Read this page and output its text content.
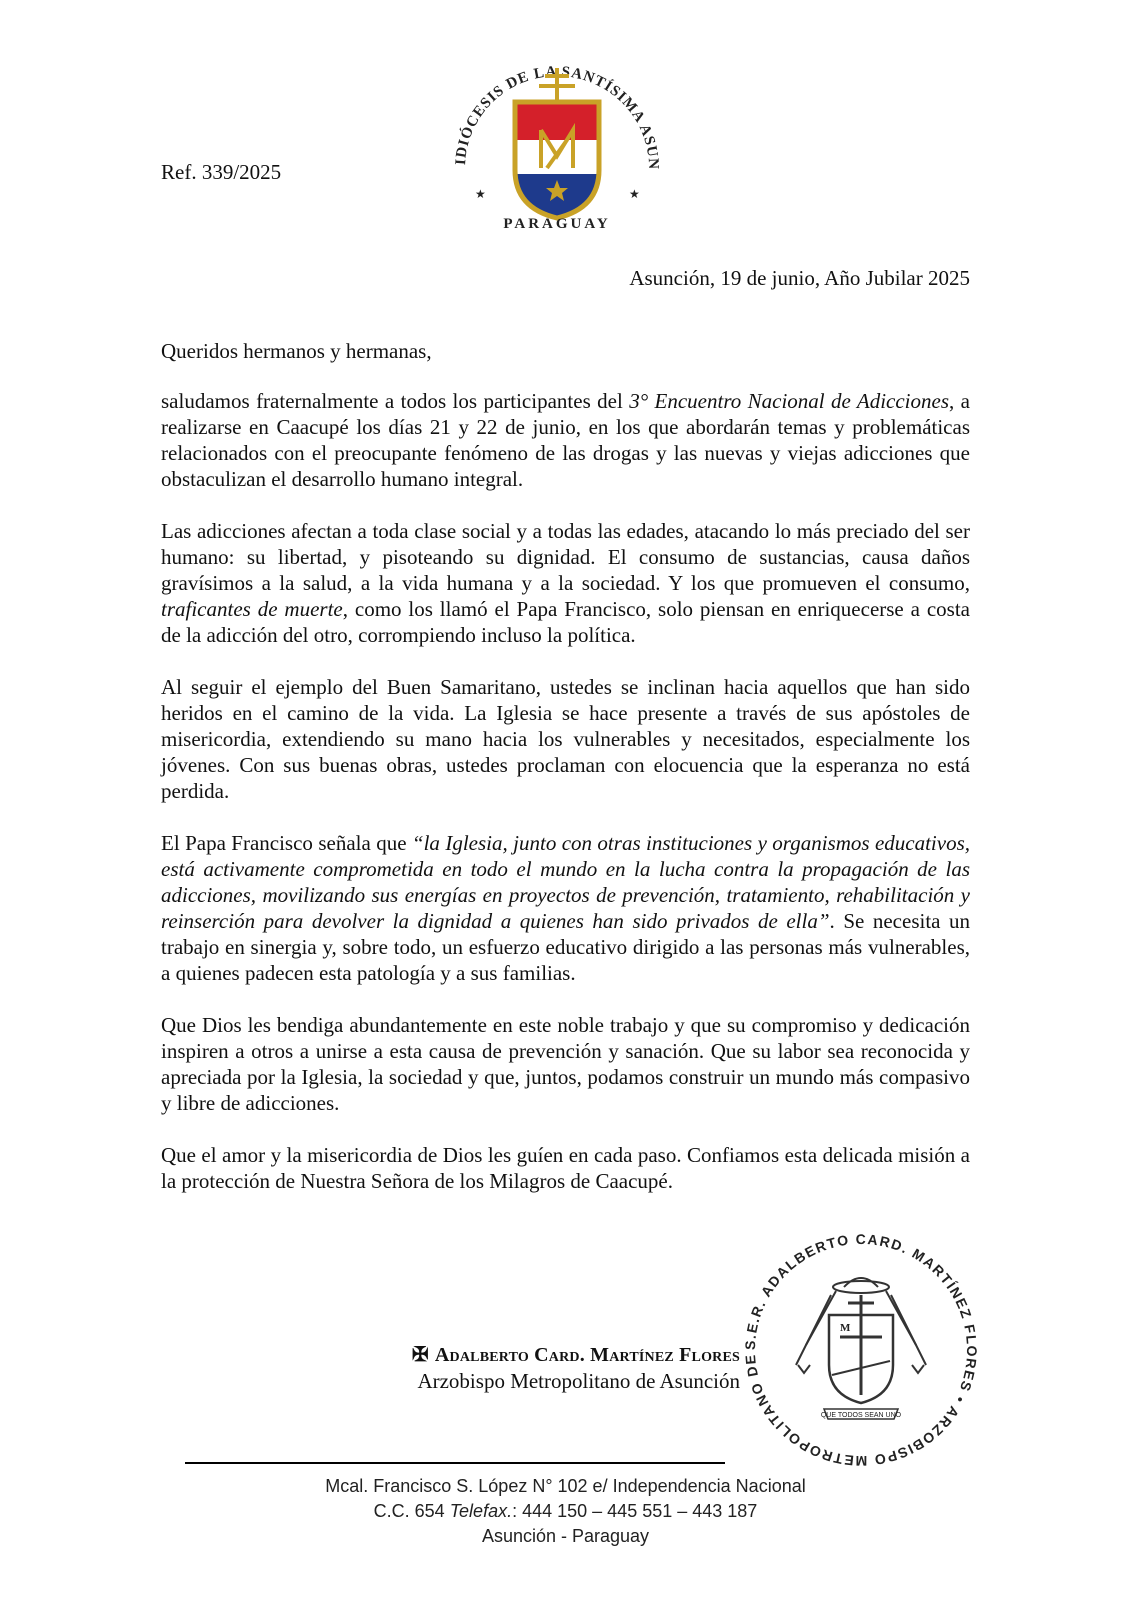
IDIÓCESIS DE LA SANTÍSIMA ASUN
★	★
PARAGUAY
Ref. 339/2025
Asunción, 19 de junio, Año Jubilar 2025

Queridos hermanos y hermanas,

saludamos fraternalmente a todos los participantes del 3° Encuentro Nacional de Adicciones, a realizarse en Caacupé los días 21 y 22 de junio, en los que abordarán temas y problemáticas relacionados con el preocupante fenómeno de las drogas y las nuevas y viejas adicciones que obstaculizan el desarrollo humano integral.

Las adicciones afectan a toda clase social y a todas las edades, atacando lo más preciado del ser humano: su libertad, y pisoteando su dignidad. El consumo de sustancias, causa daños gravísimos a la salud, a la vida humana y a la sociedad. Y los que promueven el consumo, traficantes de muerte, como los llamó el Papa Francisco, solo piensan en enriquecerse a costa de la adicción del otro, corrompiendo incluso la política.

Al seguir el ejemplo del Buen Samaritano, ustedes se inclinan hacia aquellos que han sido heridos en el camino de la vida. La Iglesia se hace presente a través de sus apóstoles de misericordia, extendiendo su mano hacia los vulnerables y necesitados, especialmente los jóvenes. Con sus buenas obras, ustedes proclaman con elocuencia que la esperanza no está perdida.

El Papa Francisco señala que “la Iglesia, junto con otras instituciones y organismos educativos, está activamente comprometida en todo el mundo en la lucha contra la propagación de las adicciones, movilizando sus energías en proyectos de prevención, tratamiento, rehabilitación y reinserción para devolver la dignidad a quienes han sido privados de ella”. Se necesita un trabajo en sinergia y, sobre todo, un esfuerzo educativo dirigido a las personas más vulnerables, a quienes padecen esta patología y a sus familias.

Que Dios les bendiga abundantemente en este noble trabajo y que su compromiso y dedicación inspiren a otros a unirse a esta causa de prevención y sanación. Que su labor sea reconocida y apreciada por la Iglesia, la sociedad y que, juntos, podamos construir un mundo más compasivo y libre de adicciones.

Que el amor y la misericordia de Dios les guíen en cada paso. Confiamos esta delicada misión a la protección de Nuestra Señora de los Milagros de Caacupé.

✠ Adalberto Card. Martínez Flores
Arzobispo Metropolitano de Asunción
S.E.R. ADALBERTO CARD. MARTÍNEZ FLORES • ARZOBISPO METROPOLITANO DE
M
QUE TODOS SEAN UNO
Mcal. Francisco S. López N° 102 e/ Independencia Nacional
C.C. 654 Telefax.: 444 150 – 445 551 – 443 187
Asunción - Paraguay
